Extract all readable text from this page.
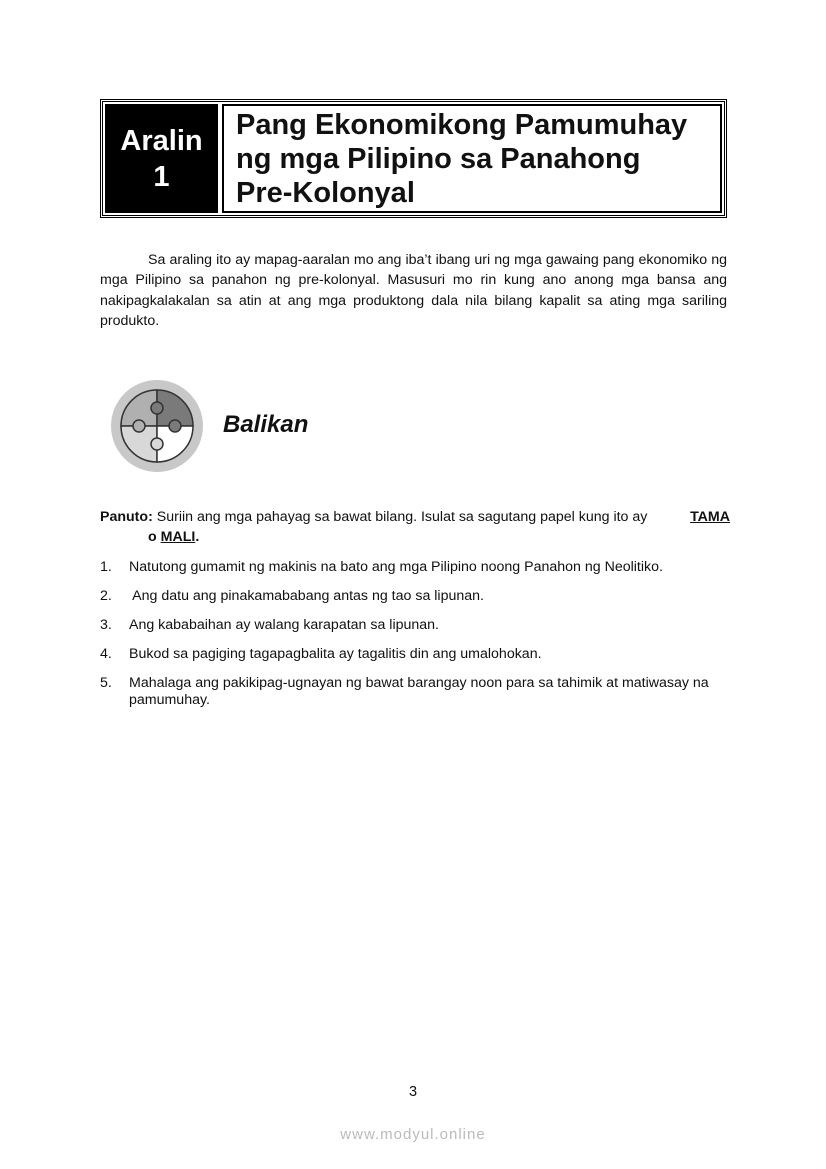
Aralin
1
Pang Ekonomikong Pamumuhay
ng mga Pilipino sa Panahong
Pre-Kolonyal

Sa araling ito ay mapag-aaralan mo ang iba’t ibang uri ng mga gawaing pang ekonomiko ng mga Pilipino sa panahon ng pre-kolonyal. Masusuri mo rin kung ano anong mga bansa ang nakipagkalakalan sa atin at ang mga produktong dala nila bilang kapalit sa ating mga sariling produkto.

Balikan
Panuto: Suriin ang mga pahayag sa bawat bilang. Isulat sa sagutang papel kung ito ay	TAMA
o MALI.
1.	Natutong gumamit ng makinis na bato ang mga Pilipino noong Panahon ng Neolitiko.
2.	Ang datu ang pinakamababang antas ng tao sa lipunan.
3.	Ang kababaihan ay walang karapatan sa lipunan.
4.	Bukod sa pagiging tagapagbalita ay tagalitis din ang umalohokan.
5.	Mahalaga ang pakikipag-ugnayan ng bawat barangay noon para sa tahimik at matiwasay na pamumuhay.
3
www.modyul.online
